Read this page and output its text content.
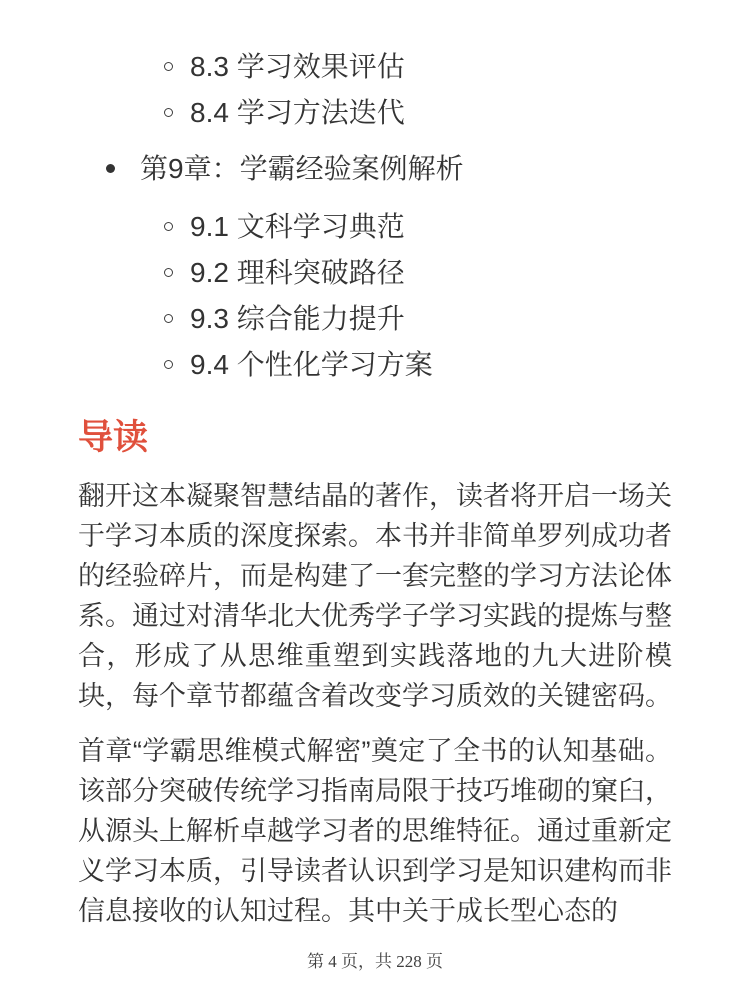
8.3 学习效果评估
8.4 学习方法迭代
第9章：学霸经验案例解析
9.1 文科学习典范
9.2 理科突破路径
9.3 综合能力提升
9.4 个性化学习方案
导读

翻开这本凝聚智慧结晶的著作，读者将开启一场关于学习本质的深度探索。本书并非简单罗列成功者的经验碎片，而是构建了一套完整的学习方法论体系。通过对清华北大优秀学子学习实践的提炼与整合，形成了从思维重塑到实践落地的九大进阶模块，每个章节都蕴含着改变学习质效的关键密码。

首章“学霸思维模式解密”奠定了全书的认知基础。该部分突破传统学习指南局限于技巧堆砌的窠臼，从源头上解析卓越学习者的思维特征。通过重新定义学习本质，引导读者认识到学习是知识建构而非信息接收的认知过程。其中关于成长型心态的

第 4 页，共 228 页
